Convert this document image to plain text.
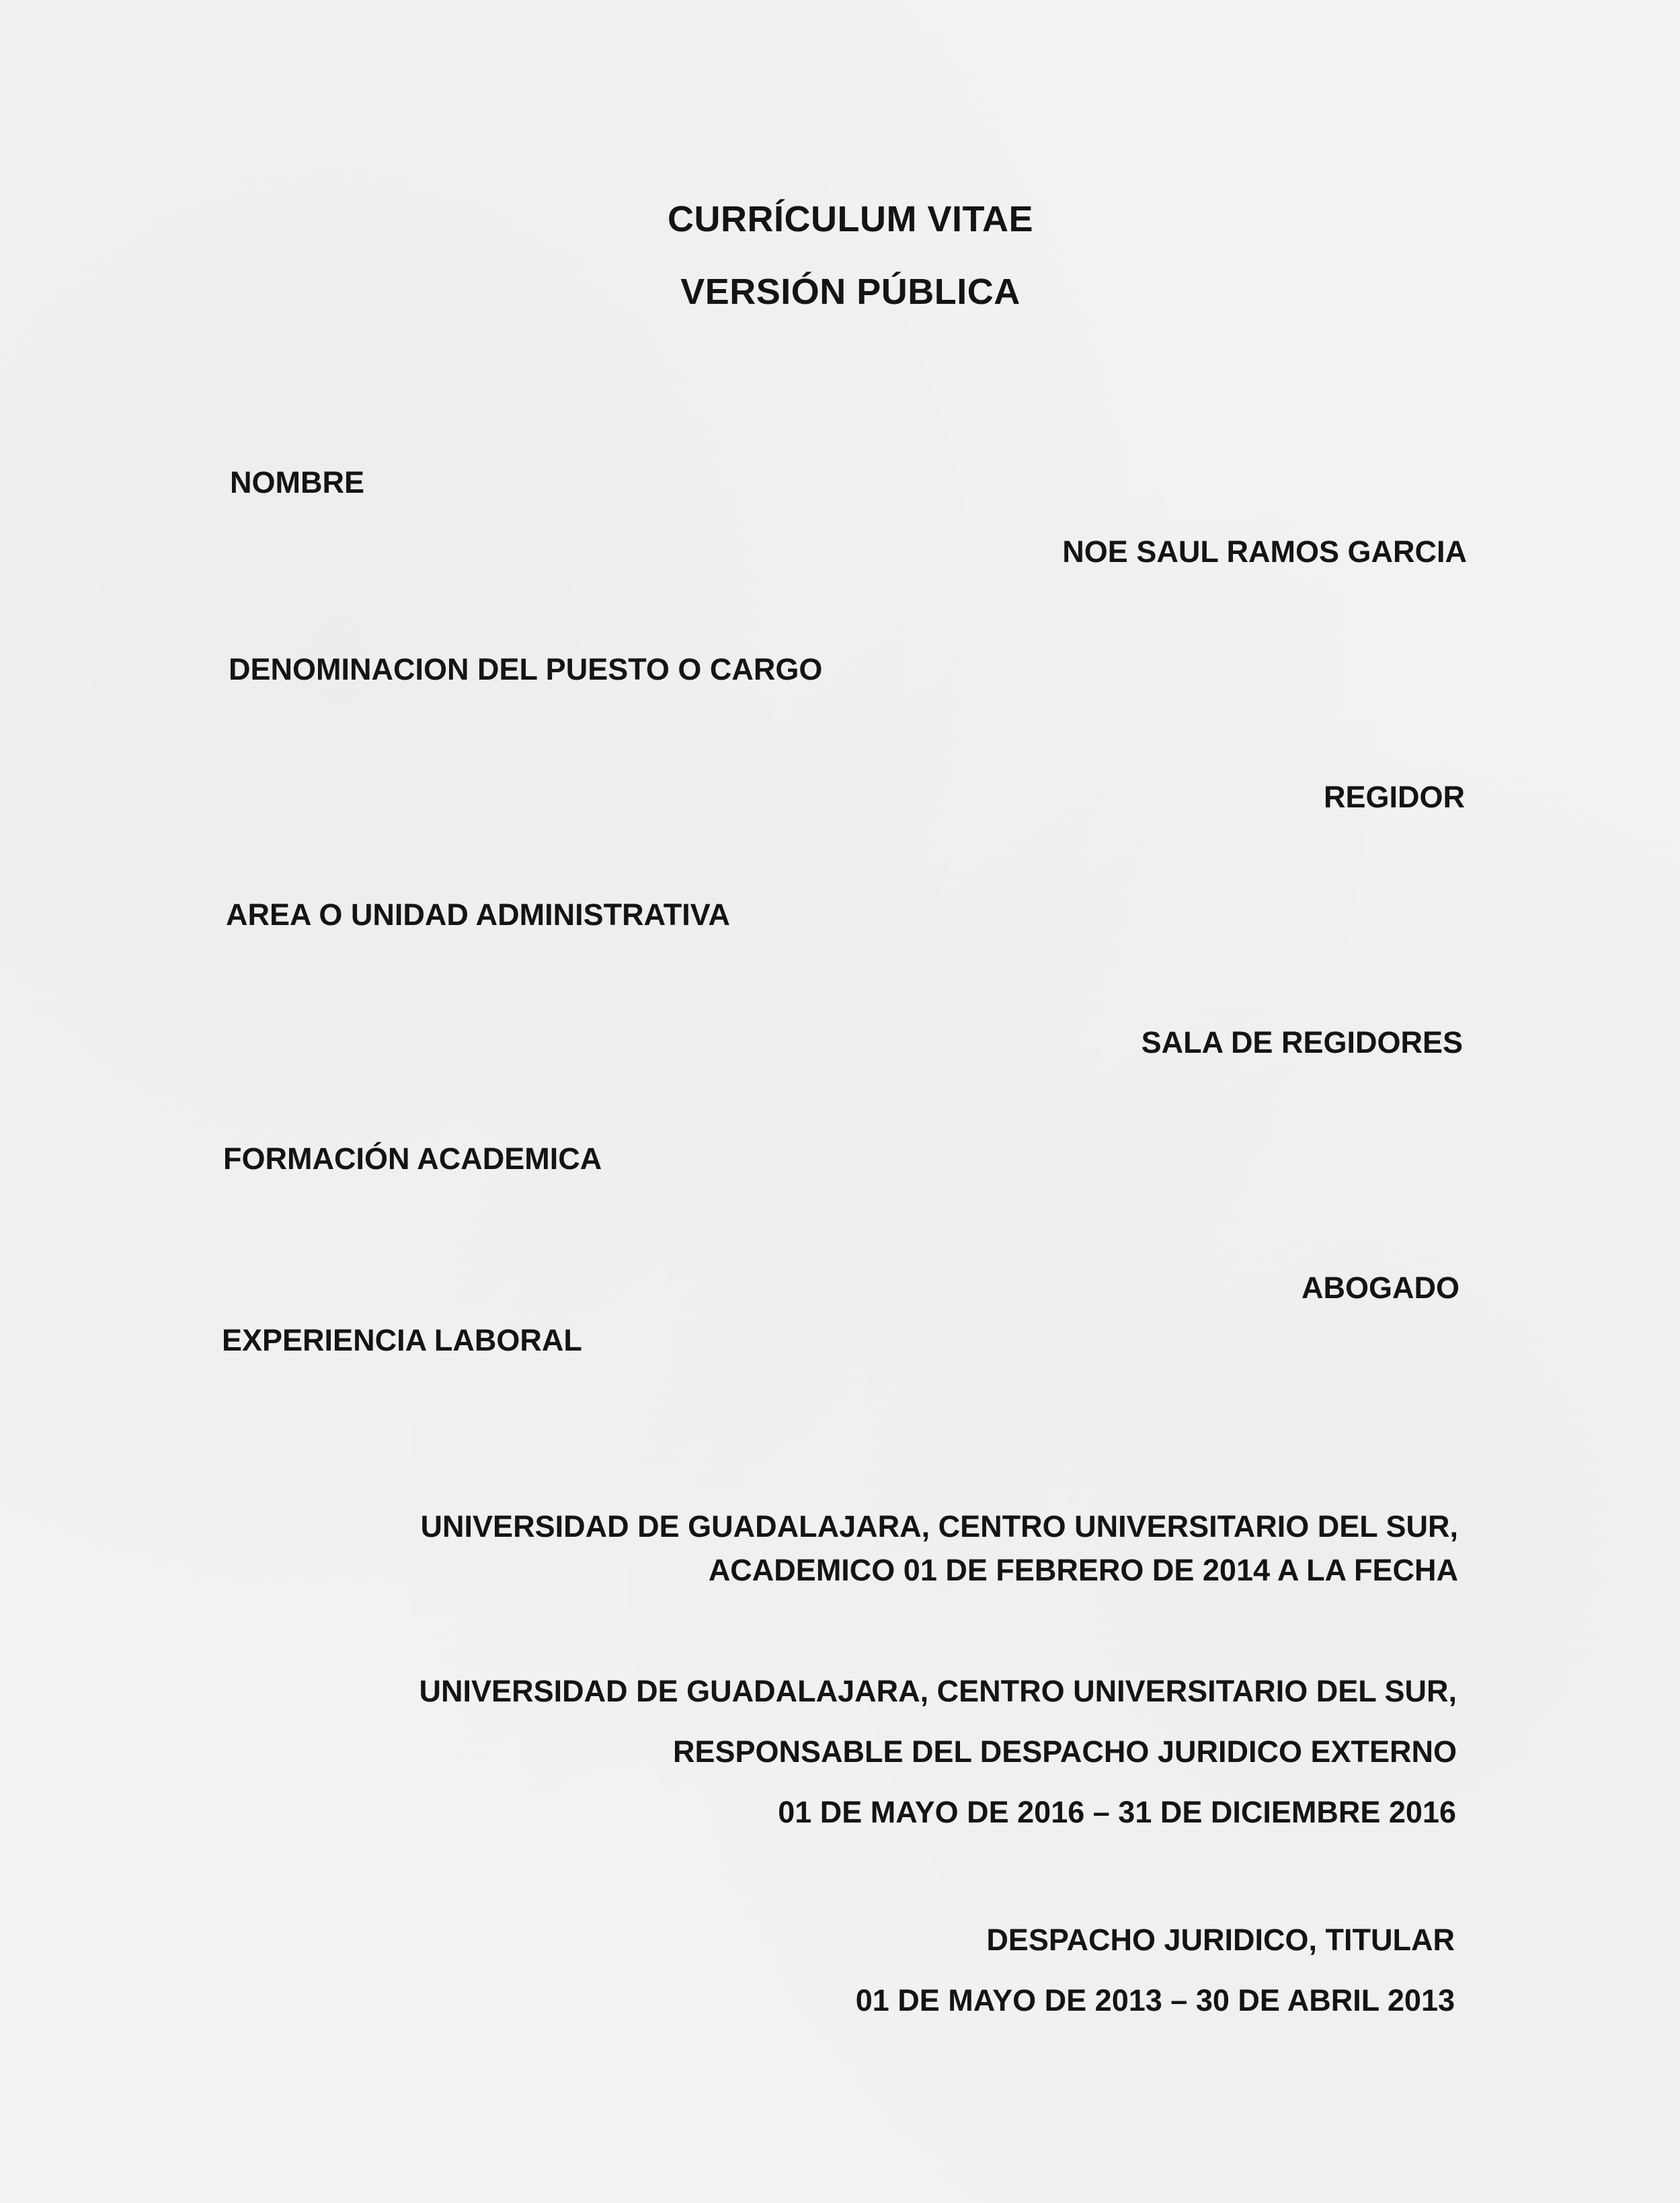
CURRÍCULUM VITAE
VERSIÓN PÚBLICA
NOMBRE
NOE SAUL RAMOS GARCIA
DENOMINACION DEL PUESTO O CARGO
REGIDOR
AREA O UNIDAD ADMINISTRATIVA
SALA DE REGIDORES
FORMACIÓN ACADEMICA
ABOGADO
EXPERIENCIA LABORAL
UNIVERSIDAD DE GUADALAJARA, CENTRO UNIVERSITARIO DEL SUR,
ACADEMICO 01 DE FEBRERO DE 2014 A LA FECHA
UNIVERSIDAD DE GUADALAJARA, CENTRO UNIVERSITARIO DEL SUR,
RESPONSABLE DEL DESPACHO JURIDICO EXTERNO
01 DE MAYO DE 2016 – 31 DE DICIEMBRE 2016
DESPACHO JURIDICO, TITULAR
01 DE MAYO DE 2013 – 30 DE ABRIL 2013
